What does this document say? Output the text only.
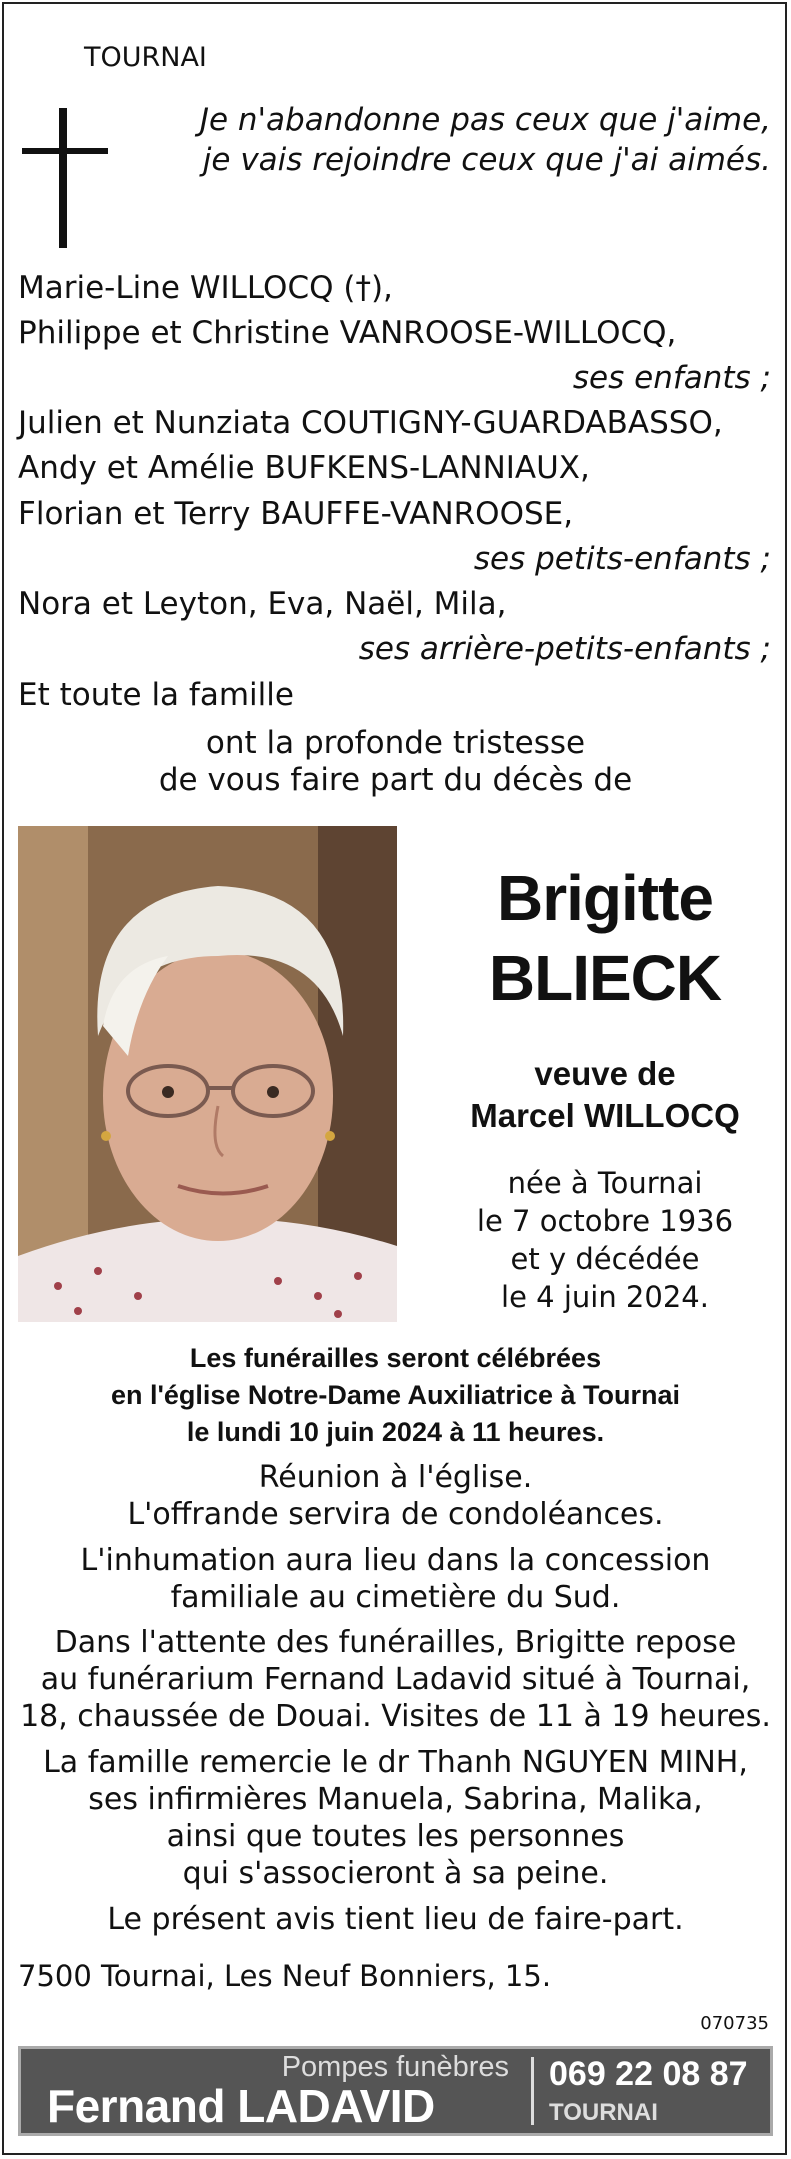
TOURNAI
Je n'abandonne pas ceux que j'aime,
je vais rejoindre ceux que j'ai aimés.
Marie-Line WILLOCQ (†),
Philippe et Christine VANROOSE-WILLOCQ,
ses enfants ;
Julien et Nunziata COUTIGNY-GUARDABASSO,
Andy et Amélie BUFKENS-LANNIAUX,
Florian et Terry BAUFFE-VANROOSE,
ses petits-enfants ;
Nora et Leyton, Eva, Naël, Mila,
ses arrière-petits-enfants ;
Et toute la famille
ont la profonde tristesse
de vous faire part du décès de
Brigitte
BLIECK
veuve de
Marcel WILLOCQ
née à Tournai
le 7 octobre 1936
et y décédée
le 4 juin 2024.
Les funérailles seront célébrées
en l'église Notre-Dame Auxiliatrice à Tournai
le lundi 10 juin 2024 à 11 heures.
Réunion à l'église.
L'offrande servira de condoléances.
L'inhumation aura lieu dans la concession
familiale au cimetière du Sud.
Dans l'attente des funérailles, Brigitte repose
au funérarium Fernand Ladavid situé à Tournai,
18, chaussée de Douai. Visites de 11 à 19 heures.
La famille remercie le dr Thanh NGUYEN MINH,
ses infirmières Manuela, Sabrina, Malika,
ainsi que toutes les personnes
qui s'associeront à sa peine.
Le présent avis tient lieu de faire-part.
7500 Tournai, Les Neuf Bonniers, 15.
070735
Pompes funèbres
Fernand LADAVID
069 22 08 87
TOURNAI
